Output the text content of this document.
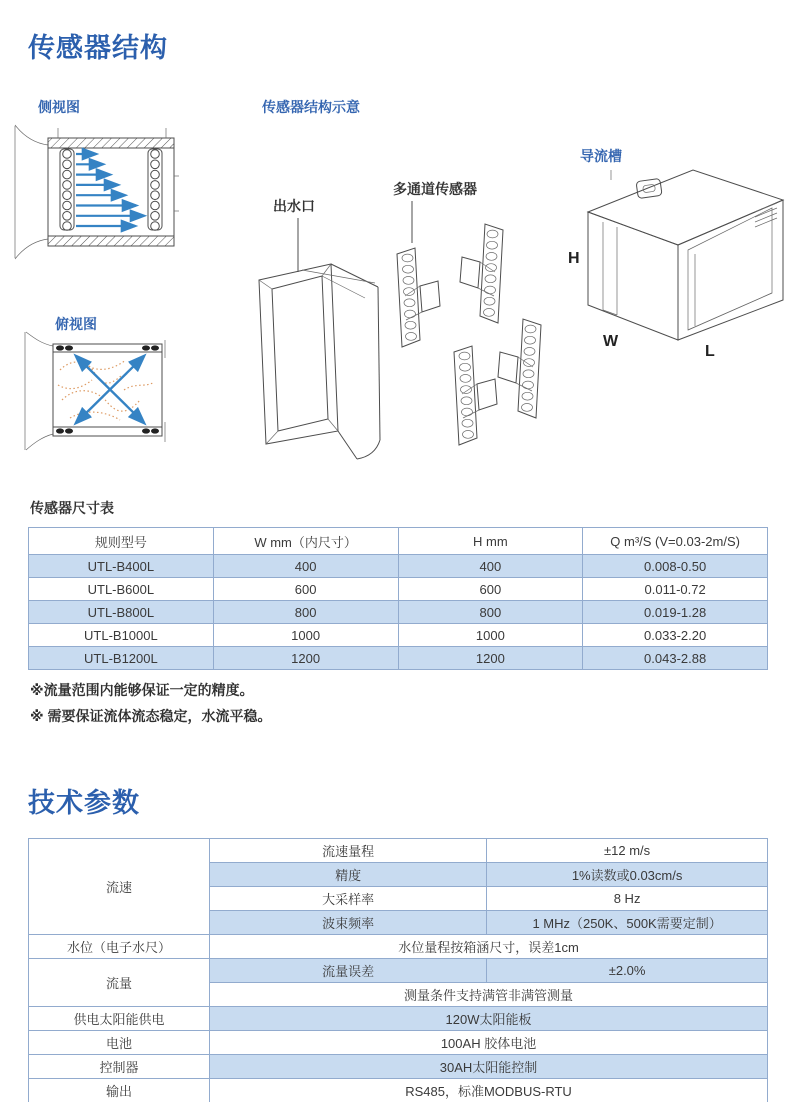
传感器结构
侧视图	传感器结构示意
俯视图
导流槽
出水口
多通道传感器
H
W
L
传感器尺寸表
规则型号	W mm（内尺寸）	H mm	Q m³/S (V=0.03-2m/S)
UTL-B400L	400	400	0.008-0.50
UTL-B600L	600	600	0.011-0.72
UTL-B800L	800	800	0.019-1.28
UTL-B1000L	1000	1000	0.033-2.20
UTL-B1200L	1200	1200	0.043-2.88
※流量范围内能够保证一定的精度。
※ 需要保证流体流态稳定，水流平稳。
技术参数
流速	流速量程	±12 m/s
	精度	1%读数或0.03cm/s
	大采样率	8 Hz
	波束频率	1 MHz（250K、500K需要定制）
水位（电子水尺）	水位量程按箱涵尺寸，误差1cm	
流量	流量误差	±2.0%
	测量条件支持满管非满管测量	
供电太阳能供电	120W太阳能板	
电池	100AH 胶体电池	
控制器	30AH太阳能控制	
输出	RS485，标准MODBUS-RTU	
